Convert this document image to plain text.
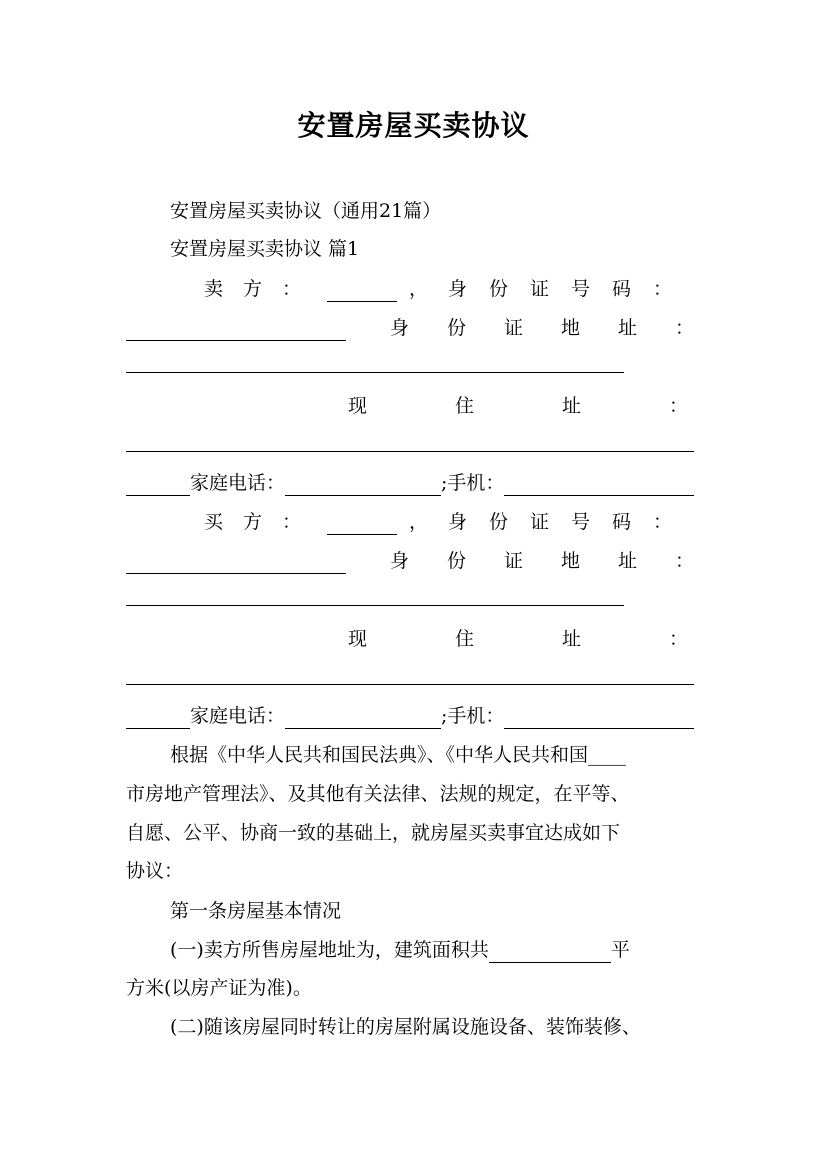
安置房屋买卖协议
安置房屋买卖协议（通用21篇）
安置房屋买卖协议 篇1
卖方：	， 身份证号码：
身份证地址：
现住址：
家庭电话：	;手机：
买方：	， 身份证号码：
身份证地址：
现住址：
家庭电话：	;手机：
根据《中华人民共和国民法典》、《中华人民共和国____
市房地产管理法》、及其他有关法律、法规的规定，在平等、
自愿、公平、协商一致的基础上，就房屋买卖事宜达成如下
协议：
第一条房屋基本情况
(一)卖方所售房屋地址为，建筑面积共	平
方米(以房产证为准)。
(二)随该房屋同时转让的房屋附属设施设备、装饰装修、
